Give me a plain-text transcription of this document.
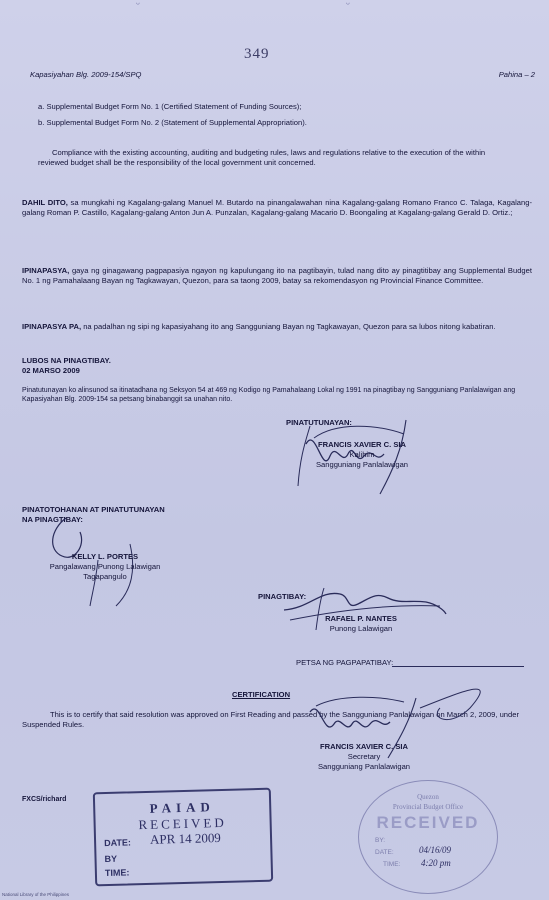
ᵕ	ᵕ
349
Kapasiyahan Blg. 2009-154/SPQ	Pahina – 2
a. Supplemental Budget Form No. 1 (Certified Statement of Funding Sources);
b. Supplemental Budget Form No. 2 (Statement of Supplemental Appropriation).
Compliance with the existing accounting, auditing and budgeting rules, laws and regulations relative to the execution of the within reviewed budget shall be the responsibility of the local government unit concerned.
DAHIL DITO, sa mungkahi ng Kagalang-galang Manuel M. Butardo na pinangalawahan nina Kagalang-galang Romano Franco C. Talaga, Kagalang-galang Roman P. Castillo, Kagalang-galang Anton Jun A. Punzalan, Kagalang-galang Macario D. Boongaling at Kagalang-galang Gerald D. Ortiz.;
IPINAPASYA, gaya ng ginagawang pagpapasiya ngayon ng kapulungang ito na pagtibayin, tulad nang dito ay pinagtitibay ang Supplemental Budget No. 1 ng Pamahalaang Bayan ng Tagkawayan, Quezon, para sa taong 2009, batay sa rekomendasyon ng Provincial Finance Committee.
IPINAPASYA PA, na padalhan ng sipi ng kapasiyahang ito ang Sangguniang Bayan ng Tagkawayan, Quezon para sa lubos nitong kabatiran.
LUBOS NA PINAGTIBAY.
02 MARSO 2009
Pinatutunayan ko alinsunod sa itinatadhana ng Seksyon 54 at 469 ng Kodigo ng Pamahalaang Lokal ng 1991 na pinagtibay ng Sangguniang Panlalawigan ang Kapasiyahan Blg. 2009-154 sa petsang binabanggit sa unahan nito.
PINATUTUNAYAN:
FRANCIS XAVIER C. SIA
Kalihim
Sangguniang Panlalawigan
PINATOTOHANAN AT PINATUTUNAYAN
NA PINAGTIBAY:
KELLY L. PORTES
Pangalawang Punong Lalawigan
Tagapangulo
PINAGTIBAY:
RAFAEL P. NANTES
Punong Lalawigan
PETSA NG PAGPAPATIBAY:
CERTIFICATION
This is to certify that said resolution was approved on First Reading and passed by the Sangguniang Panlalawigan on March 2, 2009, under Suspended Rules.
FRANCIS XAVIER C. SIA
Secretary
Sangguniang Panlalawigan
FXCS/richard	PAIAD
RECEIVED
DATE: APR 14 2009
BY
TIME:
Quezon
Provincial Budget Office
RECEIVED
BY:
DATE:	04/16/09
TIME: 4:20 pm
National Library of the Philippines
